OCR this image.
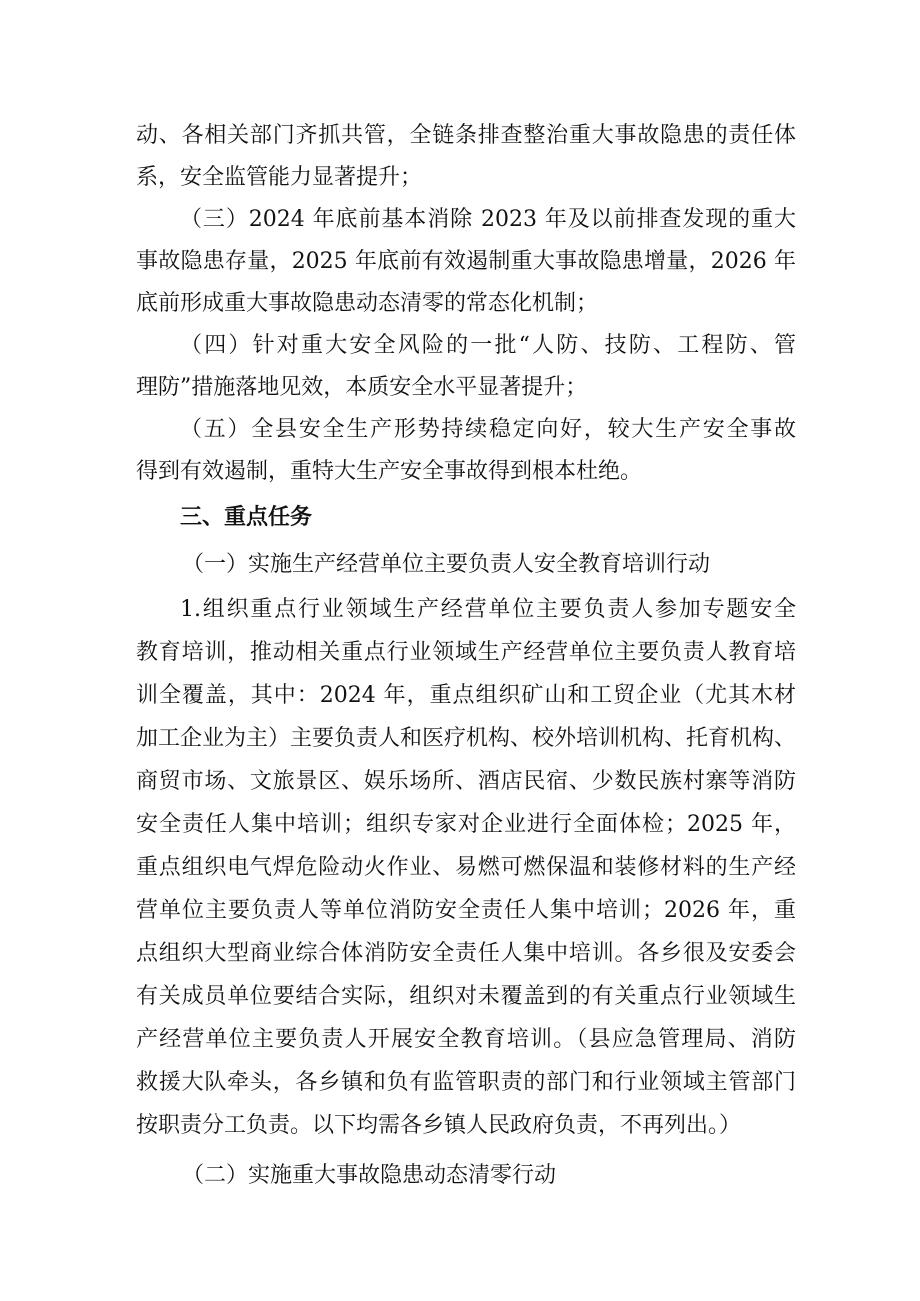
动、各相关部门齐抓共管，全链条排查整治重大事故隐患的责任体
系，安全监管能力显著提升；
（三）2024 年底前基本消除 2023 年及以前排查发现的重大
事故隐患存量，2025 年底前有效遏制重大事故隐患增量，2026 年
底前形成重大事故隐患动态清零的常态化机制；
（四）针对重大安全风险的一批“人防、技防、工程防、管
理防”措施落地见效，本质安全水平显著提升；
（五）全县安全生产形势持续稳定向好，较大生产安全事故
得到有效遏制，重特大生产安全事故得到根本杜绝。
三、重点任务
（一）实施生产经营单位主要负责人安全教育培训行动
1.组织重点行业领域生产经营单位主要负责人参加专题安全
教育培训，推动相关重点行业领域生产经营单位主要负责人教育培
训全覆盖，其中：2024 年，重点组织矿山和工贸企业（尤其木材
加工企业为主）主要负责人和医疗机构、校外培训机构、托育机构、
商贸市场、文旅景区、娱乐场所、酒店民宿、少数民族村寨等消防
安全责任人集中培训；组织专家对企业进行全面体检；2025 年，
重点组织电气焊危险动火作业、易燃可燃保温和装修材料的生产经
营单位主要负责人等单位消防安全责任人集中培训；2026 年，重
点组织大型商业综合体消防安全责任人集中培训。各乡很及安委会
有关成员单位要结合实际，组织对未覆盖到的有关重点行业领域生
产经营单位主要负责人开展安全教育培训。（县应急管理局、消防
救援大队牵头，各乡镇和负有监管职责的部门和行业领域主管部门
按职责分工负责。以下均需各乡镇人民政府负责，不再列出。）
（二）实施重大事故隐患动态清零行动
